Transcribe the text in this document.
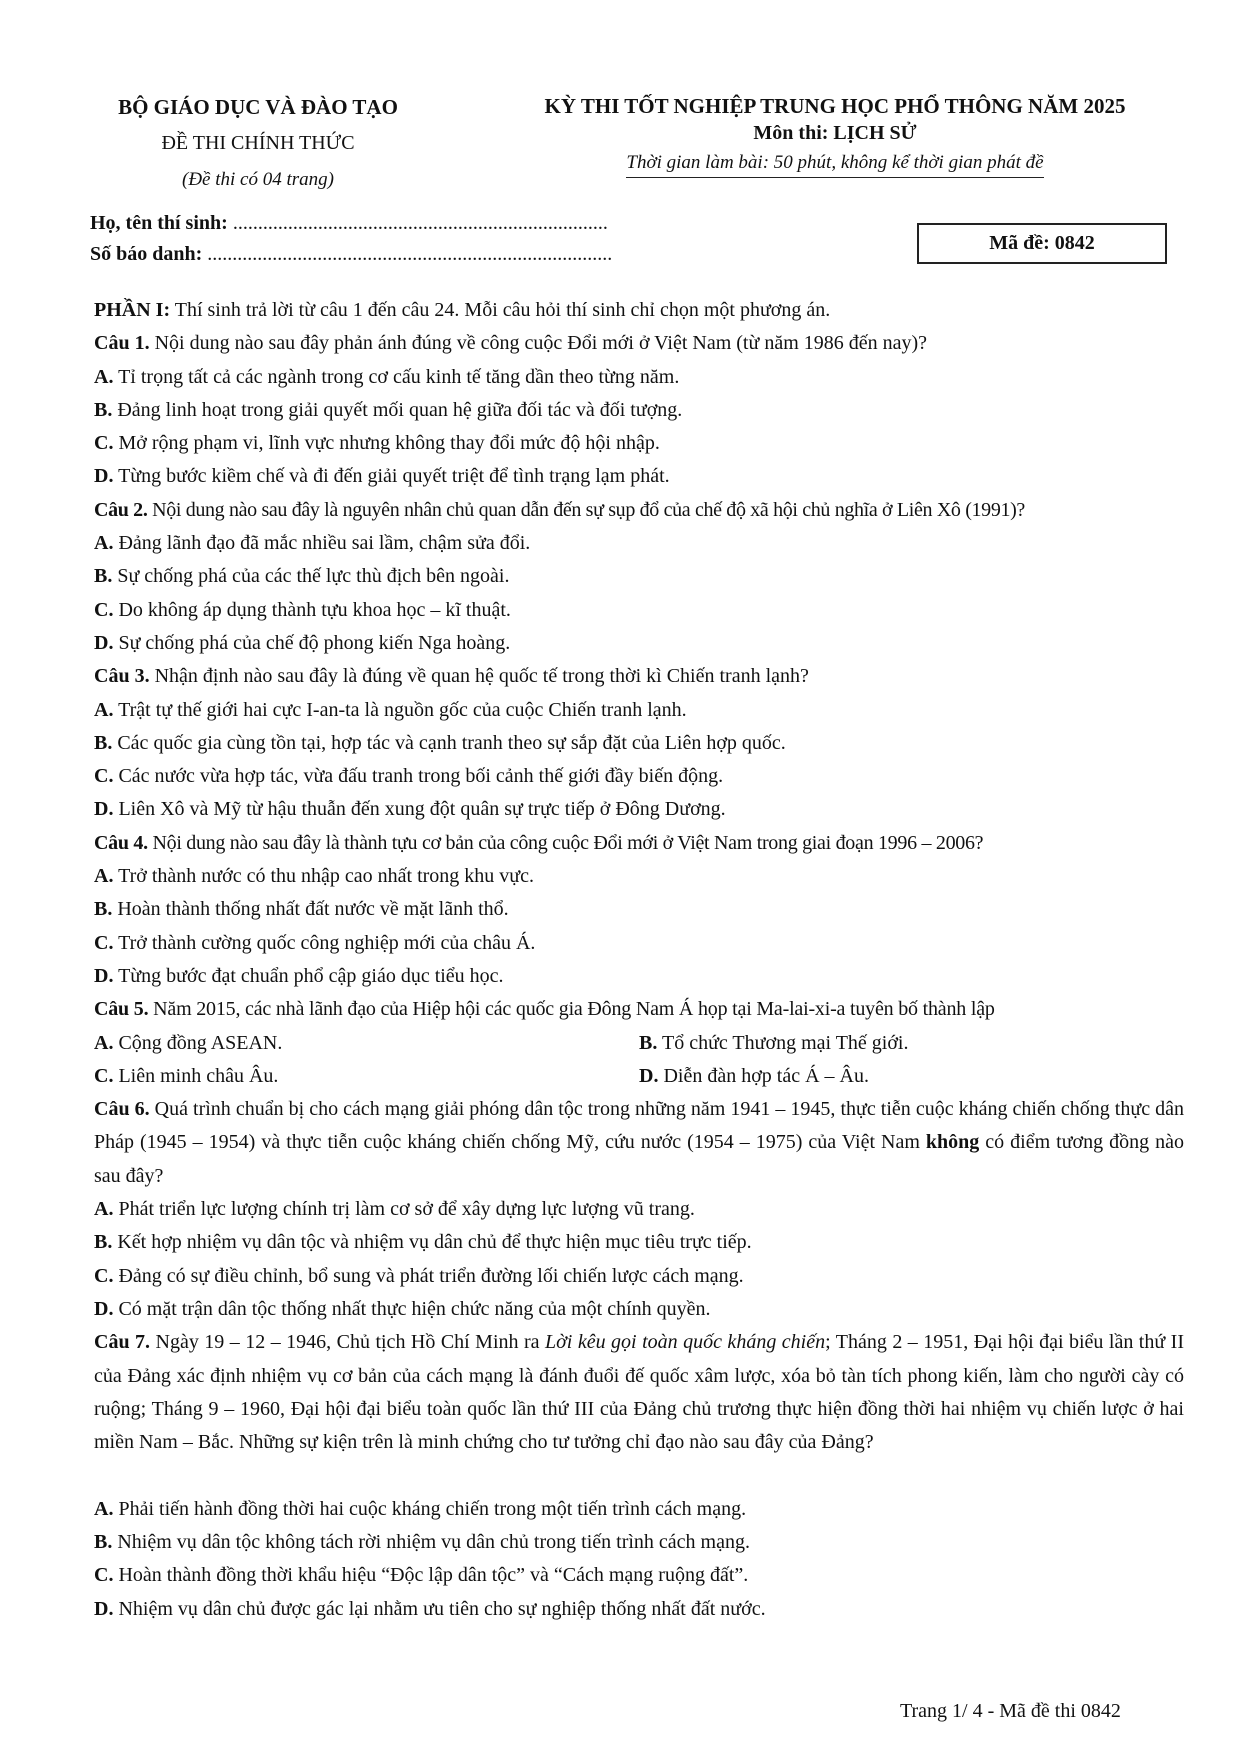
BỘ GIÁO DỤC VÀ ĐÀO TẠO
ĐỀ THI CHÍNH THỨC
(Đề thi có 04 trang)
KỲ THI TỐT NGHIỆP TRUNG HỌC PHỔ THÔNG NĂM 2025
Môn thi: LỊCH SỬ
Thời gian làm bài: 50 phút, không kể thời gian phát đề
Họ, tên thí sinh: ...........................................................................
Số báo danh: .................................................................................	Mã đề: 0842
PHẦN I: Thí sinh trả lời từ câu 1 đến câu 24. Mỗi câu hỏi thí sinh chỉ chọn một phương án.
Câu 1. Nội dung nào sau đây phản ánh đúng về công cuộc Đổi mới ở Việt Nam (từ năm 1986 đến nay)?
A. Tỉ trọng tất cả các ngành trong cơ cấu kinh tế tăng dần theo từng năm.
B. Đảng linh hoạt trong giải quyết mối quan hệ giữa đối tác và đối tượng.
C. Mở rộng phạm vi, lĩnh vực nhưng không thay đổi mức độ hội nhập.
D. Từng bước kiềm chế và đi đến giải quyết triệt để tình trạng lạm phát.
Câu 2. Nội dung nào sau đây là nguyên nhân chủ quan dẫn đến sự sụp đổ của chế độ xã hội chủ nghĩa ở Liên Xô (1991)?
A. Đảng lãnh đạo đã mắc nhiều sai lầm, chậm sửa đổi.
B. Sự chống phá của các thế lực thù địch bên ngoài.
C. Do không áp dụng thành tựu khoa học – kĩ thuật.
D. Sự chống phá của chế độ phong kiến Nga hoàng.
Câu 3. Nhận định nào sau đây là đúng về quan hệ quốc tế trong thời kì Chiến tranh lạnh?
A. Trật tự thế giới hai cực I-an-ta là nguồn gốc của cuộc Chiến tranh lạnh.
B. Các quốc gia cùng tồn tại, hợp tác và cạnh tranh theo sự sắp đặt của Liên hợp quốc.
C. Các nước vừa hợp tác, vừa đấu tranh trong bối cảnh thế giới đầy biến động.
D. Liên Xô và Mỹ từ hậu thuẫn đến xung đột quân sự trực tiếp ở Đông Dương.
Câu 4. Nội dung nào sau đây là thành tựu cơ bản của công cuộc Đổi mới ở Việt Nam trong giai đoạn 1996 – 2006?
A. Trở thành nước có thu nhập cao nhất trong khu vực.
B. Hoàn thành thống nhất đất nước về mặt lãnh thổ.
C. Trở thành cường quốc công nghiệp mới của châu Á.
D. Từng bước đạt chuẩn phổ cập giáo dục tiểu học.
Câu 5. Năm 2015, các nhà lãnh đạo của Hiệp hội các quốc gia Đông Nam Á họp tại Ma-lai-xi-a tuyên bố thành lập
A. Cộng đồng ASEAN.	B. Tổ chức Thương mại Thế giới.
C. Liên minh châu Âu.	D. Diễn đàn hợp tác Á – Âu.
Câu 6. Quá trình chuẩn bị cho cách mạng giải phóng dân tộc trong những năm 1941 – 1945, thực tiễn cuộc kháng chiến chống thực dân Pháp (1945 – 1954) và thực tiễn cuộc kháng chiến chống Mỹ, cứu nước (1954 – 1975) của Việt Nam không có điểm tương đồng nào sau đây?
A. Phát triển lực lượng chính trị làm cơ sở để xây dựng lực lượng vũ trang.
B. Kết hợp nhiệm vụ dân tộc và nhiệm vụ dân chủ để thực hiện mục tiêu trực tiếp.
C. Đảng có sự điều chỉnh, bổ sung và phát triển đường lối chiến lược cách mạng.
D. Có mặt trận dân tộc thống nhất thực hiện chức năng của một chính quyền.
Câu 7. Ngày 19 – 12 – 1946, Chủ tịch Hồ Chí Minh ra Lời kêu gọi toàn quốc kháng chiến; Tháng 2 – 1951, Đại hội đại biểu lần thứ II của Đảng xác định nhiệm vụ cơ bản của cách mạng là đánh đuổi đế quốc xâm lược, xóa bỏ tàn tích phong kiến, làm cho người cày có ruộng; Tháng 9 – 1960, Đại hội đại biểu toàn quốc lần thứ III của Đảng chủ trương thực hiện đồng thời hai nhiệm vụ chiến lược ở hai miền Nam – Bắc. Những sự kiện trên là minh chứng cho tư tưởng chỉ đạo nào sau đây của Đảng?
A. Phải tiến hành đồng thời hai cuộc kháng chiến trong một tiến trình cách mạng.
B. Nhiệm vụ dân tộc không tách rời nhiệm vụ dân chủ trong tiến trình cách mạng.
C. Hoàn thành đồng thời khẩu hiệu “Độc lập dân tộc” và “Cách mạng ruộng đất”.
D. Nhiệm vụ dân chủ được gác lại nhằm ưu tiên cho sự nghiệp thống nhất đất nước.
Trang 1/ 4 - Mã đề thi 0842
